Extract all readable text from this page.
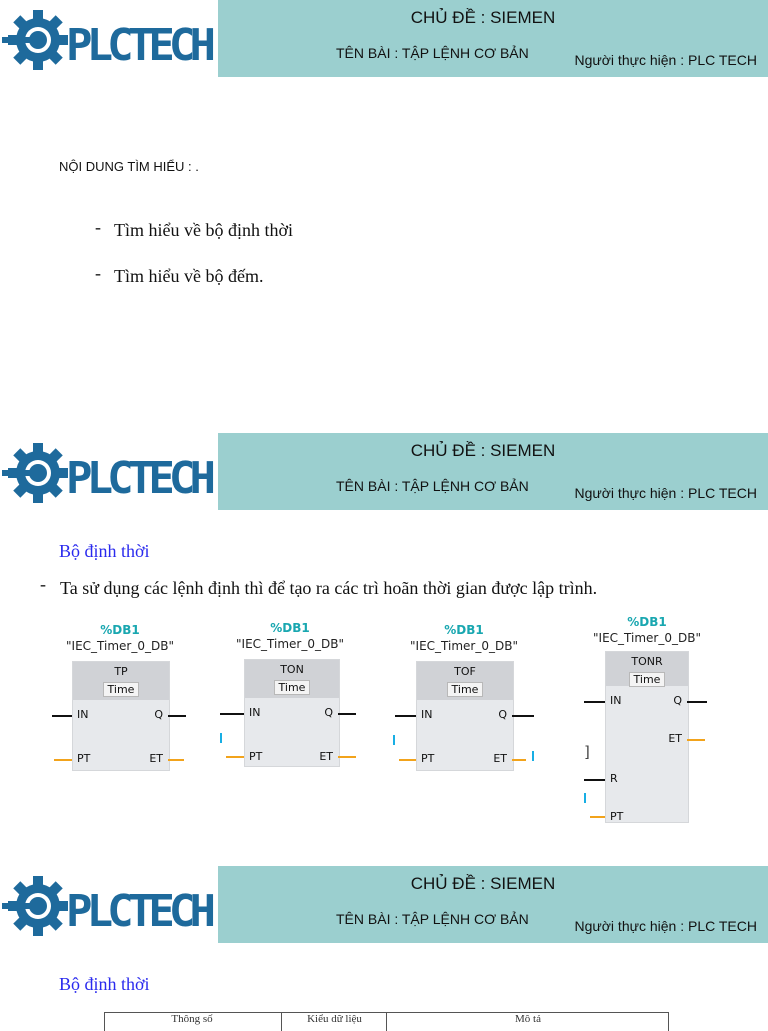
PLCTECH
CHỦ ĐỀ : SIEMEN
TÊN BÀI : TẬP LỆNH CƠ BẢN	Người thực hiện : PLC TECH
NỘI DUNG TÌM HIỂU : .
- Tìm hiểu về bộ định thời
- Tìm hiểu về bộ đếm.
PLCTECH
CHỦ ĐỀ : SIEMEN
TÊN BÀI : TẬP LỆNH CƠ BẢN	Người thực hiện : PLC TECH
Bộ định thời
- Ta sử dụng các lệnh định thì để tạo ra các trì hoãn thời gian được lập trình.
%DB1
"IEC_Timer_0_DB"
TP
Time
IN
PT
Q
ET
%DB1
"IEC_Timer_0_DB"
TON
Time
IN
PT
Q
ET
%DB1
"IEC_Timer_0_DB"
TOF
Time
IN
PT
Q
ET
%DB1
"IEC_Timer_0_DB"
TONR
Time
IN
R
PT
Q
ET
]
PLCTECH
CHỦ ĐỀ : SIEMEN
TÊN BÀI : TẬP LỆNH CƠ BẢN	Người thực hiện : PLC TECH
Bộ định thời
Thông số	Kiểu dữ liệu	Mô tả
